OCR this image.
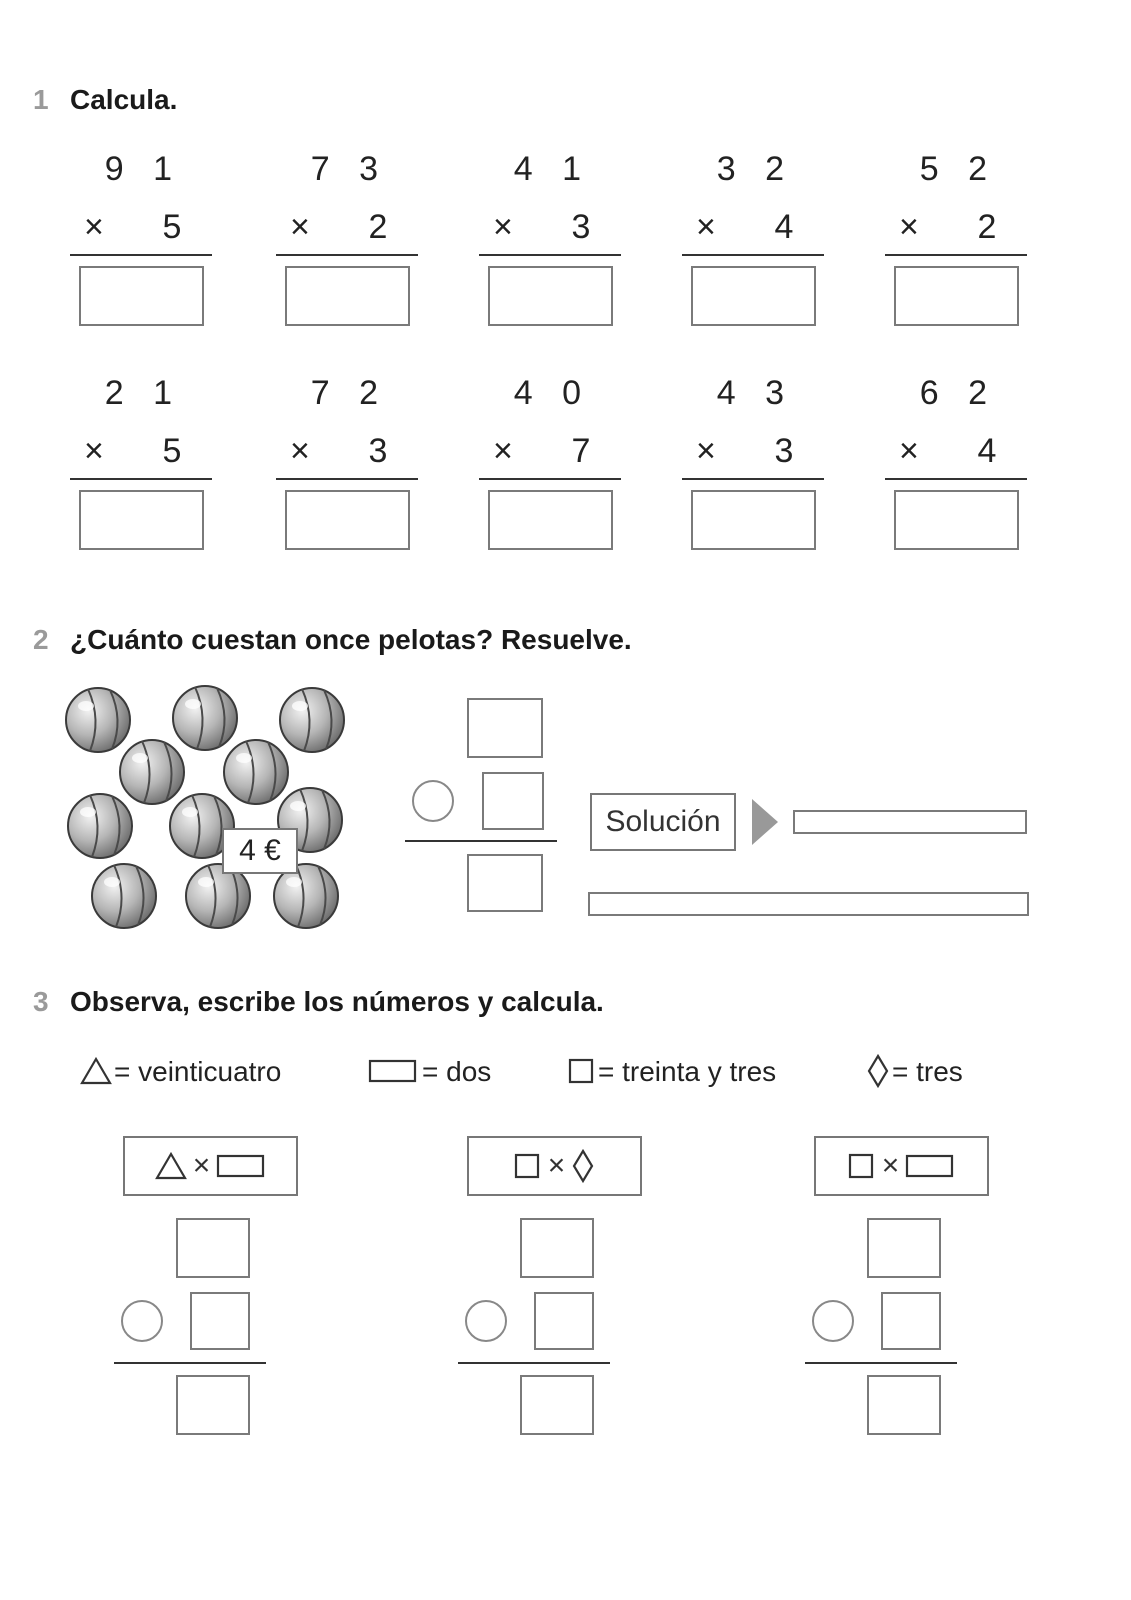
1 Calcula.
9 1
×	5
7 3
×	2
4 1
×	3
3 2
×	4
5 2
×	2
2 1
×	5
7 2
×	3
4 0
×	7
4 3
×	3
6 2
×	4
2 ¿Cuánto cuestan once pelotas? Resuelve.
4 €
Solución
3 Observa, escribe los números y calcula.
= veinticuatro	= dos	= treinta y tres	= tres
×	×	×
